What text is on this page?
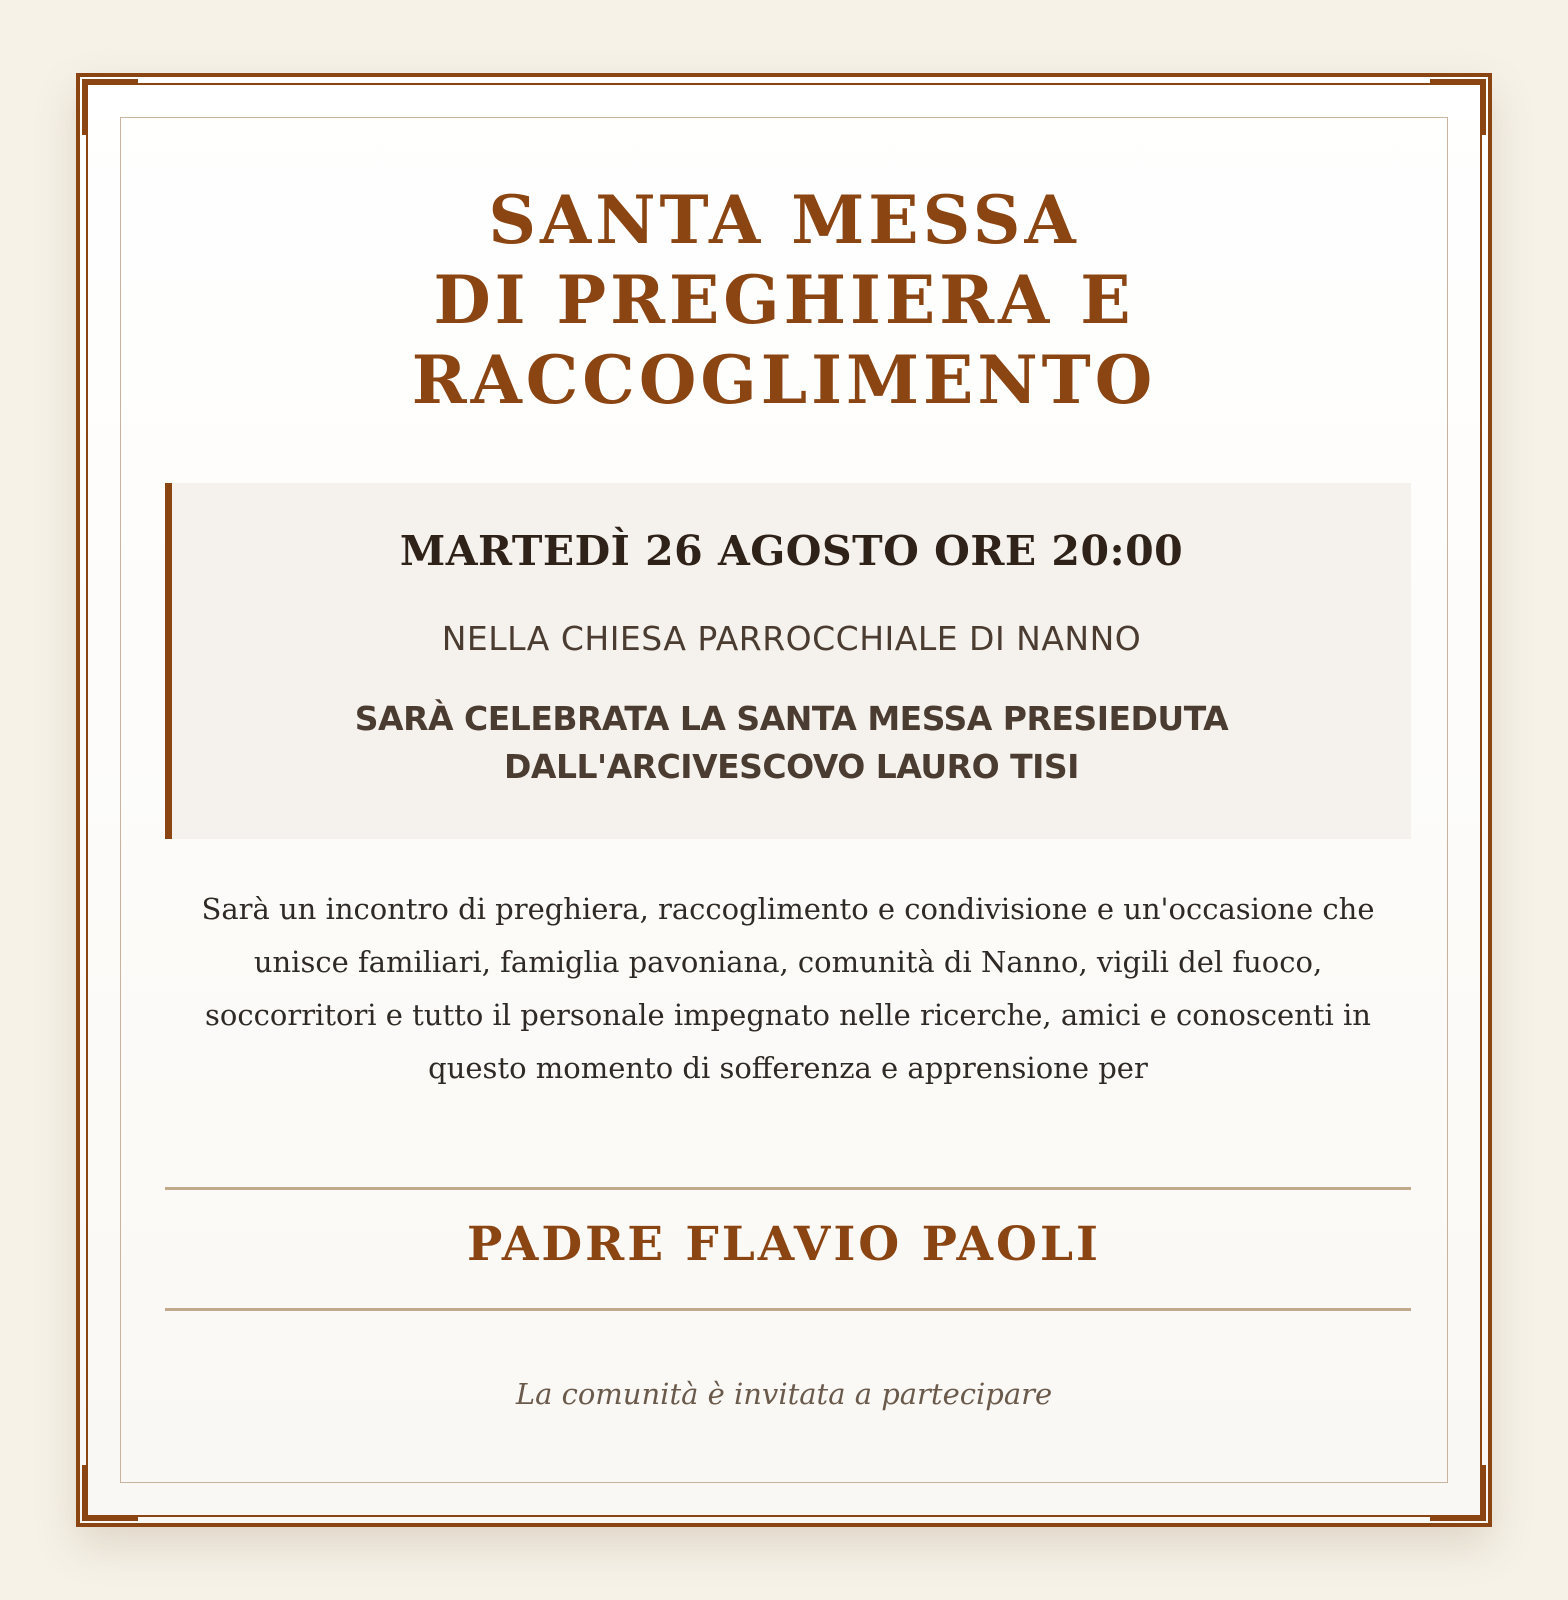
SANTA MESSA
DI PREGHIERA E
RACCOGLIMENTO

MARTEDÌ 26 AGOSTO ORE 20:00

NELLA CHIESA PARROCCHIALE DI NANNO

SARÀ CELEBRATA LA SANTA MESSA PRESIEDUTA
DALL'ARCIVESCOVO LAURO TISI

Sarà un incontro di preghiera, raccoglimento e condivisione e un'occasione che
unisce familiari, famiglia pavoniana, comunità di Nanno, vigili del fuoco,
soccorritori e tutto il personale impegnato nelle ricerche, amici e conoscenti in
questo momento di sofferenza e apprensione per

PADRE FLAVIO PAOLI

La comunità è invitata a partecipare
